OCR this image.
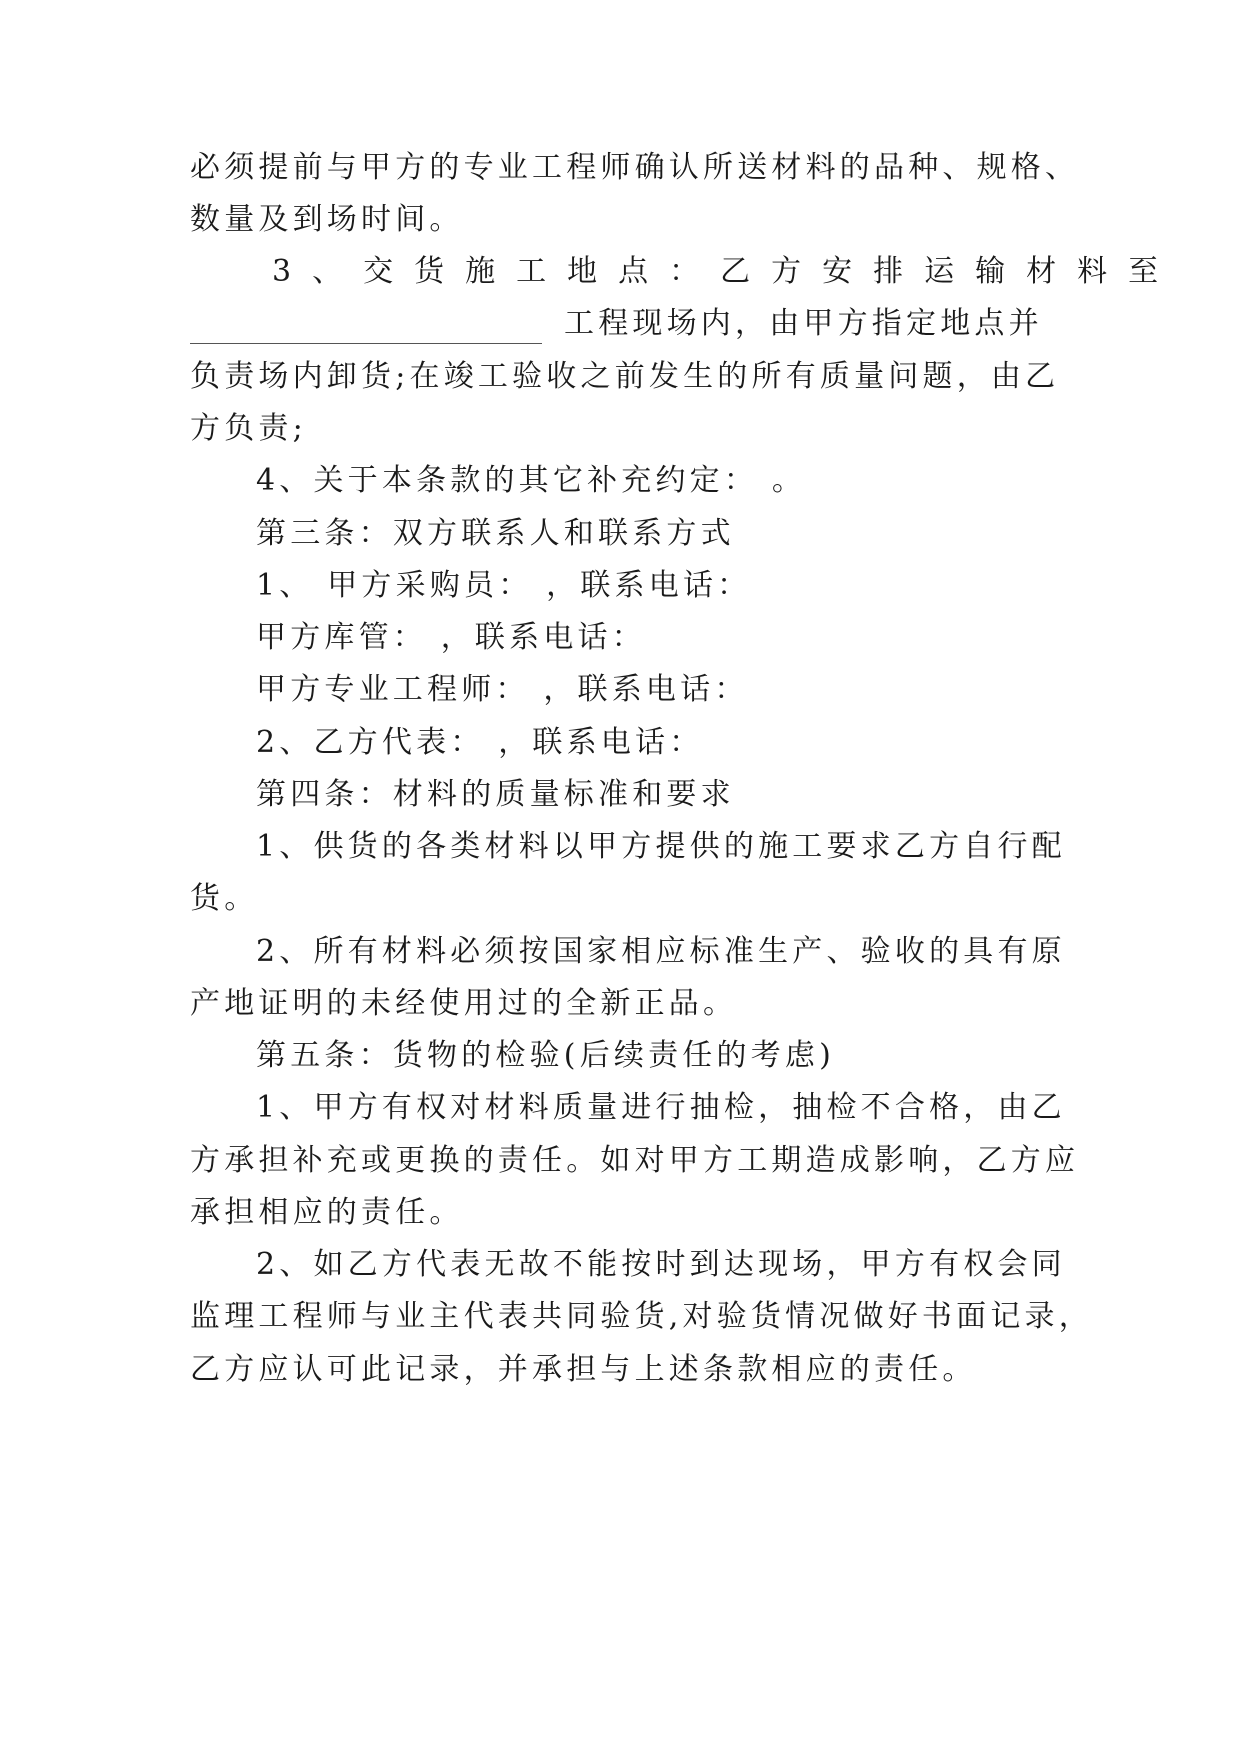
必须提前与甲方的专业工程师确认所送材料的品种、规格、
数量及到场时间。
3、交货施工地点：乙方安排运输材料至
工程现场内，由甲方指定地点并
负责场内卸货;在竣工验收之前发生的所有质量问题，由乙
方负责;
4、关于本条款的其它补充约定： 。
第三条：双方联系人和联系方式
1、 甲方采购员： ，联系电话：
甲方库管： ，联系电话：
甲方专业工程师： ，联系电话：
2、乙方代表： ，联系电话：
第四条：材料的质量标准和要求
1、供货的各类材料以甲方提供的施工要求乙方自行配
货。
2、所有材料必须按国家相应标准生产、验收的具有原
产地证明的未经使用过的全新正品。
第五条：货物的检验(后续责任的考虑)
1、甲方有权对材料质量进行抽检，抽检不合格，由乙
方承担补充或更换的责任。如对甲方工期造成影响，乙方应
承担相应的责任。
2、如乙方代表无故不能按时到达现场，甲方有权会同
监理工程师与业主代表共同验货,对验货情况做好书面记录，
乙方应认可此记录，并承担与上述条款相应的责任。
